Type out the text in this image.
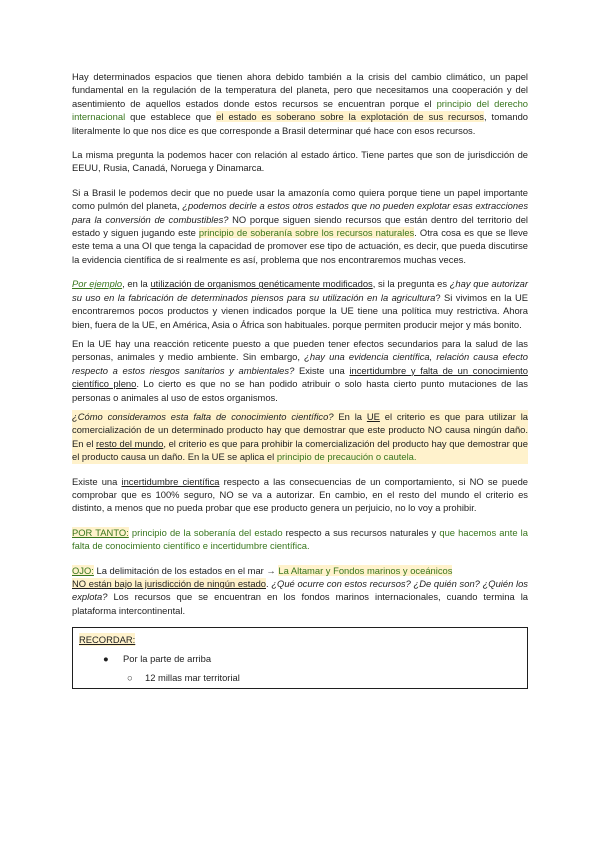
Hay determinados espacios que tienen ahora debido también a la crisis del cambio climático, un papel fundamental en la regulación de la temperatura del planeta, pero que necesitamos una cooperación y del asentimiento de aquellos estados donde estos recursos se encuentran porque el principio del derecho internacional que establece que el estado es soberano sobre la explotación de sus recursos, tomando literalmente lo que nos dice es que corresponde a Brasil determinar qué hace con esos recursos.

La misma pregunta la podemos hacer con relación al estado ártico. Tiene partes que son de jurisdicción de EEUU, Rusia, Canadá, Noruega y Dinamarca.

Si a Brasil le podemos decir que no puede usar la amazonía como quiera porque tiene un papel importante como pulmón del planeta, ¿podemos decirle a estos otros estados que no pueden explotar esas extracciones para la conversión de combustibles? NO porque siguen siendo recursos que están dentro del territorio del estado y siguen jugando este principio de soberanía sobre los recursos naturales. Otra cosa es que se lleve este tema a una OI que tenga la capacidad de promover ese tipo de actuación, es decir, que pueda discutirse la evidencia científica de si realmente es así, problema que nos encontraremos muchas veces.

Por ejemplo, en la utilización de organismos genéticamente modificados, si la pregunta es ¿hay que autorizar su uso en la fabricación de determinados piensos para su utilización en la agricultura? Si vivimos en la UE encontraremos pocos productos y vienen indicados porque la UE tiene una política muy restrictiva. Ahora bien, fuera de la UE, en América, Asia o África son habituales. porque permiten producir mejor y más bonito.

En la UE hay una reacción reticente puesto a que pueden tener efectos secundarios para la salud de las personas, animales y medio ambiente. Sin embargo, ¿hay una evidencia científica, relación causa efecto respecto a estos riesgos sanitarios y ambientales? Existe una incertidumbre y falta de un conocimiento científico pleno. Lo cierto es que no se han podido atribuir o solo hasta cierto punto mutaciones de las personas o animales al uso de estos organismos.

¿Cómo consideramos esta falta de conocimiento científico? En la UE el criterio es que para utilizar la comercialización de un determinado producto hay que demostrar que este producto NO causa ningún daño. En el resto del mundo, el criterio es que para prohibir la comercialización del producto hay que demostrar que el producto causa un daño. En la UE se aplica el principio de precaución o cautela.

Existe una incertidumbre científica respecto a las consecuencias de un comportamiento, si NO se puede comprobar que es 100% seguro, NO se va a autorizar. En cambio, en el resto del mundo el criterio es distinto, a menos que no pueda probar que ese producto genera un perjuicio, no lo voy a prohibir.

POR TANTO: principio de la soberanía del estado respecto a sus recursos naturales y que hacemos ante la falta de conocimiento científico e incertidumbre científica.

OJO: La delimitación de los estados en el mar → La Altamar y Fondos marinos y oceánicos
NO están bajo la jurisdicción de ningún estado. ¿Qué ocurre con estos recursos? ¿De quién son? ¿Quién los explota? Los recursos que se encuentran en los fondos marinos internacionales, cuando termina la plataforma intercontinental.

RECORDAR:
● Por la parte de arriba
○ 12 millas mar territorial
